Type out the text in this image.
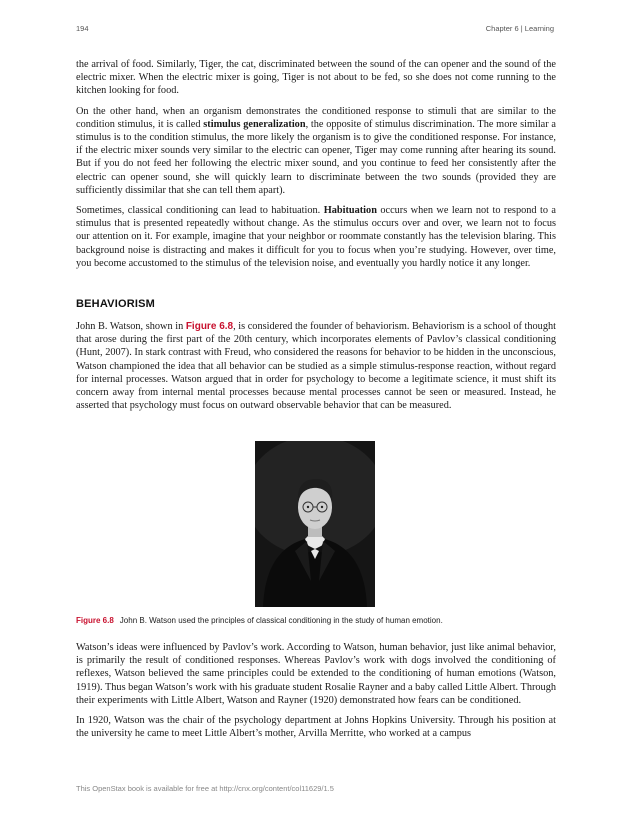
194	Chapter 6 | Learning

the arrival of food. Similarly, Tiger, the cat, discriminated between the sound of the can opener and the sound of the electric mixer. When the electric mixer is going, Tiger is not about to be fed, so she does not come running to the kitchen looking for food.

On the other hand, when an organism demonstrates the conditioned response to stimuli that are similar to the condition stimulus, it is called stimulus generalization, the opposite of stimulus discrimination. The more similar a stimulus is to the condition stimulus, the more likely the organism is to give the conditioned response. For instance, if the electric mixer sounds very similar to the electric can opener, Tiger may come running after hearing its sound. But if you do not feed her following the electric mixer sound, and you continue to feed her consistently after the electric can opener sound, she will quickly learn to discriminate between the two sounds (provided they are sufficiently dissimilar that she can tell them apart).

Sometimes, classical conditioning can lead to habituation. Habituation occurs when we learn not to respond to a stimulus that is presented repeatedly without change. As the stimulus occurs over and over, we learn not to focus our attention on it. For example, imagine that your neighbor or roommate constantly has the television blaring. This background noise is distracting and makes it difficult for you to focus when you’re studying. However, over time, you become accustomed to the stimulus of the television noise, and eventually you hardly notice it any longer.

BEHAVIORISM

John B. Watson, shown in Figure 6.8, is considered the founder of behaviorism. Behaviorism is a school of thought that arose during the first part of the 20th century, which incorporates elements of Pavlov’s classical conditioning (Hunt, 2007). In stark contrast with Freud, who considered the reasons for behavior to be hidden in the unconscious, Watson championed the idea that all behavior can be studied as a simple stimulus-response reaction, without regard for internal processes. Watson argued that in order for psychology to become a legitimate science, it must shift its concern away from internal mental processes because mental processes cannot be seen or measured. Instead, he asserted that psychology must focus on outward observable behavior that can be measured.

Figure 6.8 John B. Watson used the principles of classical conditioning in the study of human emotion.

Watson’s ideas were influenced by Pavlov’s work. According to Watson, human behavior, just like animal behavior, is primarily the result of conditioned responses. Whereas Pavlov’s work with dogs involved the conditioning of reflexes, Watson believed the same principles could be extended to the conditioning of human emotions (Watson, 1919). Thus began Watson’s work with his graduate student Rosalie Rayner and a baby called Little Albert. Through their experiments with Little Albert, Watson and Rayner (1920) demonstrated how fears can be conditioned.

In 1920, Watson was the chair of the psychology department at Johns Hopkins University. Through his position at the university he came to meet Little Albert’s mother, Arvilla Merritte, who worked at a campus

This OpenStax book is available for free at http://cnx.org/content/col11629/1.5
